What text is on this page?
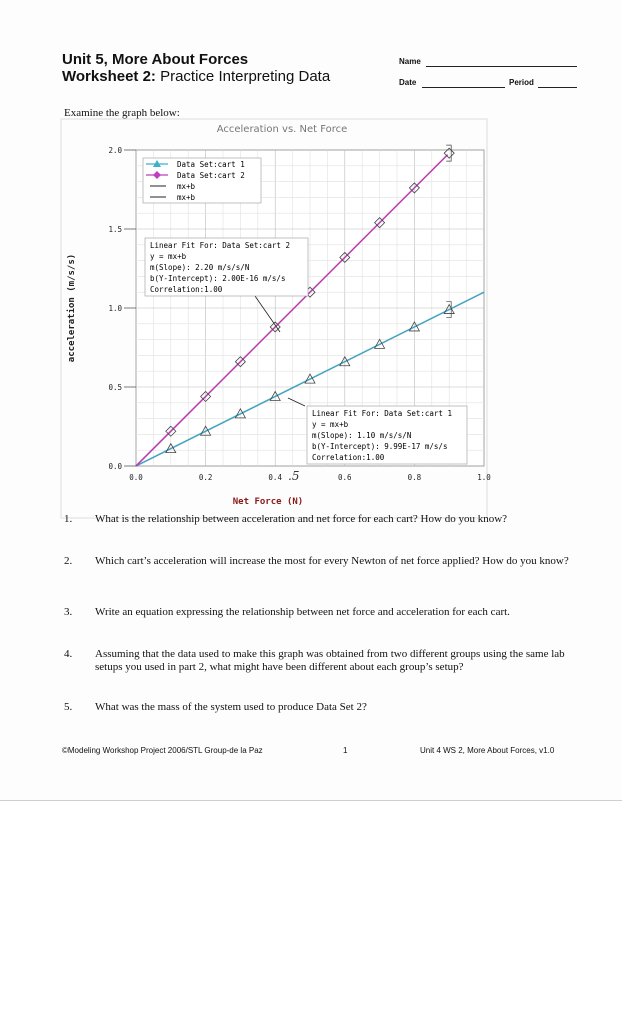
Unit 5, More About Forces
Worksheet 2: Practice Interpreting Data
Name
Date	Period
Examine the graph below:
0.0	0.2	0.4	0.6	0.8	1.0
0.0
0.5
1.0
1.5
2.0
Acceleration vs. Net Force
Net Force (N)
acceleration (m/s/s)
.5
Data Set:cart 1
Data Set:cart 2
mx+b
mx+b
Linear Fit For: Data Set:cart 2
y = mx+b
m(Slope): 2.20 m/s/s/N
b(Y-Intercept): 2.00E-16 m/s/s
Correlation:1.00
Linear Fit For: Data Set:cart 1
y = mx+b
m(Slope): 1.10 m/s/s/N
b(Y-Intercept): 9.99E-17 m/s/s
Correlation:1.00
1. What is the relationship between acceleration and net force for each cart? How do you know?
2. Which cart’s acceleration will increase the most for every Newton of net force applied? How do you know?
3. Write an equation expressing the relationship between net force and acceleration for each cart.
4. Assuming that the data used to make this graph was obtained from two different groups using the same lab setups you used in part 2, what might have been different about each group’s setup?
5. What was the mass of the system used to produce Data Set 2?
©Modeling Workshop Project 2006/STL Group-de la Paz	1	Unit 4 WS 2, More About Forces, v1.0
